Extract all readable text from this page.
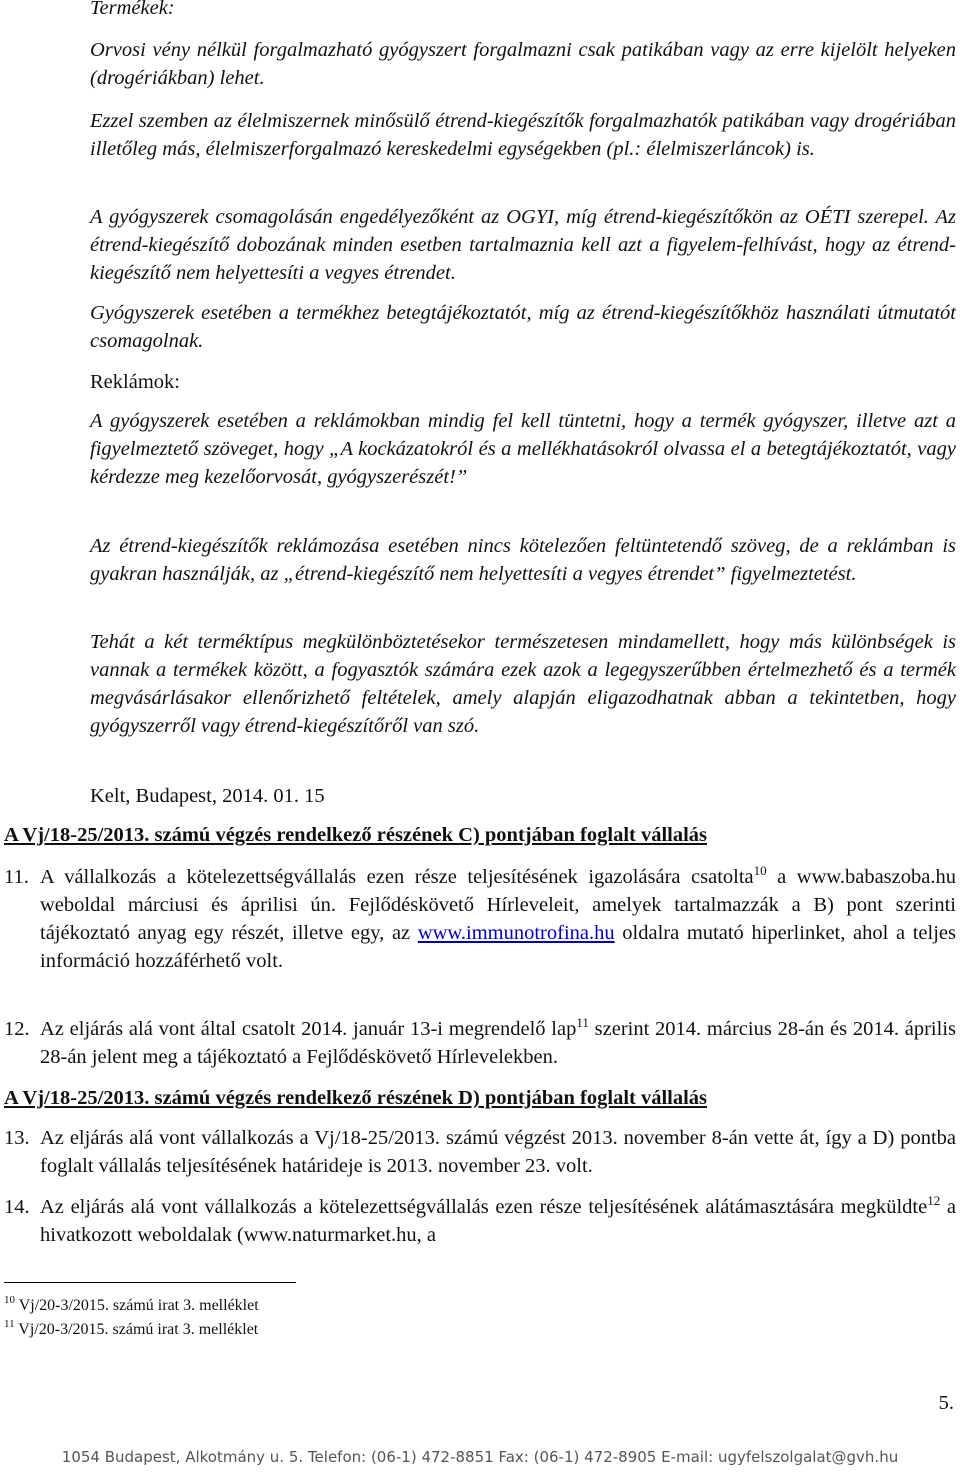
Termékek:

Orvosi vény nélkül forgalmazható gyógyszert forgalmazni csak patikában vagy az erre kijelölt helyeken (drogériákban) lehet.

Ezzel szemben az élelmiszernek minősülő étrend-kiegészítők forgalmazhatók patikában vagy drogériában illetőleg más, élelmiszerforgalmazó kereskedelmi egységekben (pl.: élelmiszerláncok) is.

A gyógyszerek csomagolásán engedélyezőként az OGYI, míg étrend-kiegészítőkön az OÉTI szerepel. Az étrend-kiegészítő dobozának minden esetben tartalmaznia kell azt a figyelem-felhívást, hogy az étrend-kiegészítő nem helyettesíti a vegyes étrendet.

Gyógyszerek esetében a termékhez betegtájékoztatót, míg az étrend-kiegészítőkhöz használati útmutatót csomagolnak.

Reklámok:

A gyógyszerek esetében a reklámokban mindig fel kell tüntetni, hogy a termék gyógyszer, illetve azt a figyelmeztető szöveget, hogy „A kockázatokról és a mellékhatásokról olvassa el a betegtájékoztatót, vagy kérdezze meg kezelőorvosát, gyógyszerészét!”

Az étrend-kiegészítők reklámozása esetében nincs kötelezően feltüntetendő szöveg, de a reklámban is gyakran használják, az „étrend-kiegészítő nem helyettesíti a vegyes étrendet” figyelmeztetést.

Tehát a két terméktípus megkülönböztetésekor természetesen mindamellett, hogy más különbségek is vannak a termékek között, a fogyasztók számára ezek azok a legegyszerűbben értelmezhető és a termék megvásárlásakor ellenőrizhető feltételek, amely alapján eligazodhatnak abban a tekintetben, hogy gyógyszerről vagy étrend-kiegészítőről van szó.

Kelt, Budapest, 2014. 01. 15

A Vj/18-25/2013. számú végzés rendelkező részének C) pontjában foglalt vállalás

11. A vállalkozás a kötelezettségvállalás ezen része teljesítésének igazolására csatolta$^{10}$ a www.babaszoba.hu weboldal márciusi és áprilisi ún. Fejlődéskövető Hírleveleit, amelyek tartalmazzák a B) pont szerinti tájékoztató anyag egy részét, illetve egy, az www.immunotrofina.hu oldalra mutató hiperlinket, ahol a teljes információ hozzáférhető volt.
12. Az eljárás alá vont által csatolt 2014. január 13-i megrendelő lap$^{11}$ szerint 2014. március 28-án és 2014. április 28-án jelent meg a tájékoztató a Fejlődéskövető Hírlevelekben.

A Vj/18-25/2013. számú végzés rendelkező részének D) pontjában foglalt vállalás

13. Az eljárás alá vont vállalkozás a Vj/18-25/2013. számú végzést 2013. november 8-án vette át, így a D) pontba foglalt vállalás teljesítésének határideje is 2013. november 23. volt.
14. Az eljárás alá vont vállalkozás a kötelezettségvállalás ezen része teljesítésének alátámasztására megküldte$^{12}$ a hivatkozott weboldalak (www.naturmarket.hu, a

$^{10}$ Vj/20-3/2015. számú irat 3. melléklet

$^{11}$ Vj/20-3/2015. számú irat 3. melléklet

5.
1054 Budapest, Alkotmány u. 5. Telefon: (06-1) 472-8851 Fax: (06-1) 472-8905 E-mail: ugyfelszolgalat@gvh.hu
